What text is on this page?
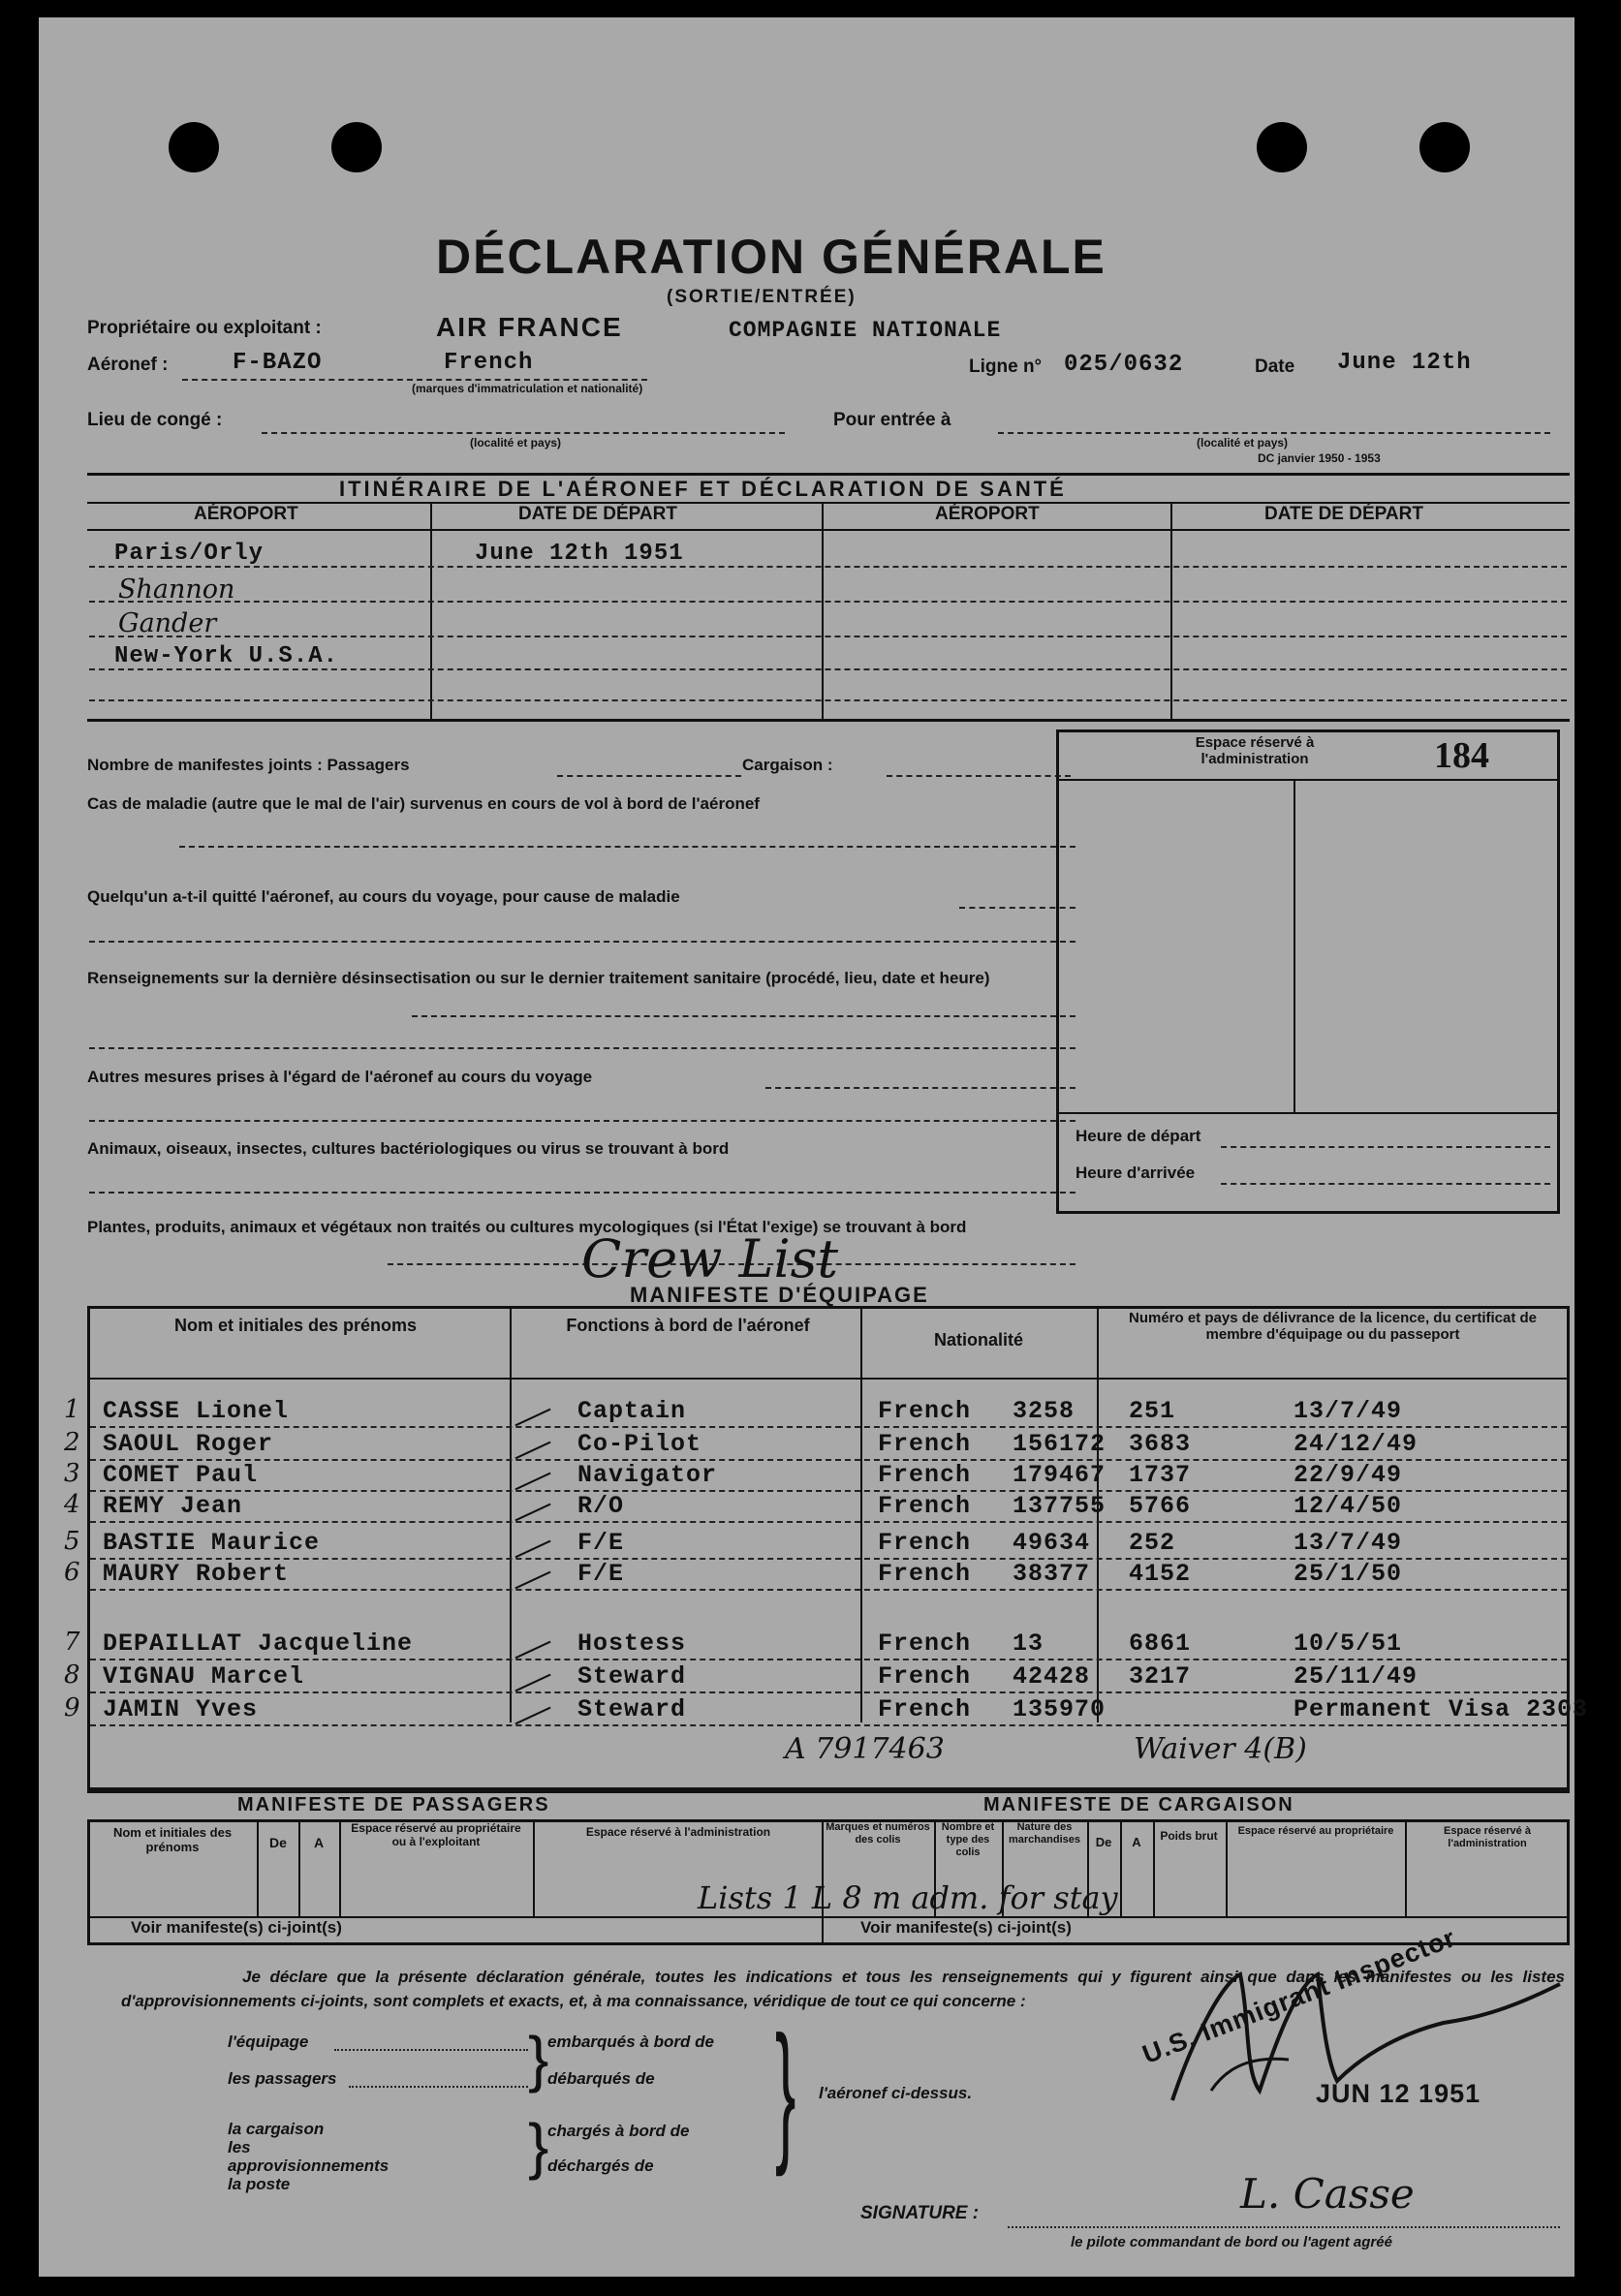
DÉCLARATION GÉNÉRALE
(SORTIE/ENTRÉE)
Propriétaire ou exploitant :	AIR FRANCE	COMPAGNIE NATIONALE
Aéronef :	F-BAZO	French
(marques d'immatriculation et nationalité)
Ligne n° 025/0632	Date June 12th
Lieu de congé :
(localité et pays)
Pour entrée à
(localité et pays)
DC janvier 1950 - 1953
ITINÉRAIRE DE L'AÉRONEF ET DÉCLARATION DE SANTÉ
AÉROPORT	DATE DE DÉPART	AÉROPORT	DATE DE DÉPART
Paris/Orly	June 12th 1951
Shannon
Gander
New-York U.S.A.
Nombre de manifestes joints : Passagers	Cargaison :
Cas de maladie (autre que le mal de l'air) survenus en cours de vol à bord de l'aéronef
Quelqu'un a-t-il quitté l'aéronef, au cours du voyage, pour cause de maladie
Renseignements sur la dernière désinsectisation ou sur le dernier traitement sanitaire (procédé, lieu, date et heure)
Autres mesures prises à l'égard de l'aéronef au cours du voyage
Animaux, oiseaux, insectes, cultures bactériologiques ou virus se trouvant à bord
Plantes, produits, animaux et végétaux non traités ou cultures mycologiques (si l'État l'exige) se trouvant à bord
Espace réservé à l'administration	184
Heure de départ
Heure d'arrivée
Crew List
MANIFESTE D'ÉQUIPAGE
Nom et initiales des prénoms	Fonctions à bord de l'aéronef
Nationalité
Numéro et pays de délivrance de la licence, du certificat de membre d'équipage ou du passeport
1 CASSE Lionel	Captain	French 3258 251	13/7/49
2 SAOUL Roger	Co-Pilot	French 156172 3683	24/12/49
3 COMET Paul	Navigator	French 179467 1737	22/9/49
4 REMY Jean	R/O	French 137755 5766	12/4/50
5 BASTIE Maurice	F/E	French 49634 252	13/7/49
6 MAURY Robert	F/E	French 38377 4152	25/1/50
7 DEPAILLAT Jacqueline	Hostess	French 13	6861	10/5/51
8 VIGNAU Marcel	Steward	French 42428 3217	25/11/49
9 JAMIN Yves	Steward	French 135970	Permanent Visa 2303
A 7917463	Waiver 4(B)
MANIFESTE DE PASSAGERS	MANIFESTE DE CARGAISON
Nom et initiales des prénoms	De	A
Espace réservé au propriétaire ou à l'exploitant
Espace réservé à l'administration	Marques et numéros des colis
Nombre et type des colis
Nature des marchandises	De	A	Poids brut	Espace réservé au propriétaire	Espace réservé à l'administration
Lists 1 L 8 m adm. for stay
Voir manifeste(s) ci-joint(s)	Voir manifeste(s) ci-joint(s)
Je déclare que la présente déclaration générale, toutes les indications et tous les renseignements qui y figurent ainsi que dans les manifestes ou les listes d'approvisionnements ci-joints, sont complets et exacts, et, à ma connaissance, véridique de tout ce qui concerne :
l'équipage
les passagers
embarqués à bord de
débarqués de
}
la cargaison
les approvisionnements
la poste
chargés à bord de
déchargés de
} } l'aéronef ci-dessus.
SIGNATURE :	L. Casse
le pilote commandant de bord ou l'agent agréé
U.S. Immigrant Inspector
JUN 12 1951
